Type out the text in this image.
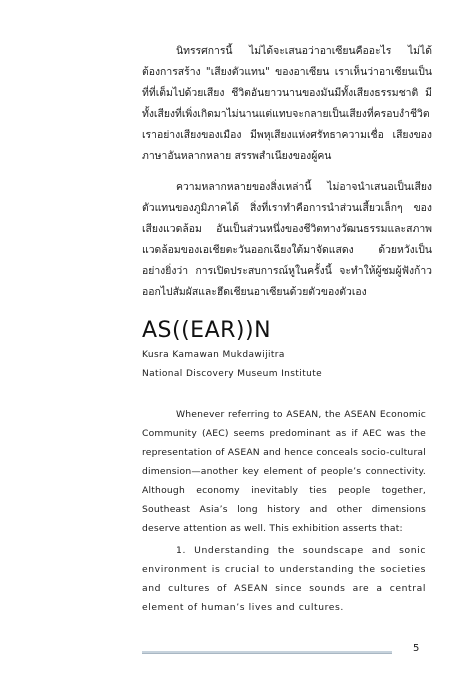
นิทรรศการนี้ ไม่ได้จะเสนอว่าอาเซียนคืออะไร ไม่ได้ต้องการสร้าง "เสียงตัวแทน" ของอาเซียน เราเห็นว่าอาเซียนเป็นที่ที่เต็มไปด้วยเสียง ชีวิตอันยาวนานของมันมีทั้งเสียงธรรมชาติ มีทั้งเสียงที่เพิ่งเกิดมาไม่นานแต่แทบจะกลายเป็นเสียงที่ครอบงำชีวิตเราอย่างเสียงของเมือง มีพหุเสียงแห่งศรัทธาความเชื่อ เสียงของภาษาอันหลากหลาย สรรพสำเนียงของผู้คน

ความหลากหลายของสิ่งเหล่านี้ ไม่อาจนำเสนอเป็นเสียงตัวแทนของภูมิภาคได้ สิ่งที่เราทำคือการนำส่วนเสี้ยวเล็กๆ ของเสียงแวดล้อม อันเป็นส่วนหนึ่งของชีวิตทางวัฒนธรรมและสภาพแวดล้อมของเอเชียตะวันออกเฉียงใต้มาจัดแสดง ด้วยหวังเป็นอย่างยิ่งว่า การเปิดประสบการณ์หูในครั้งนี้ จะทำให้ผู้ชมผู้ฟังก้าวออกไปสัมผัสและฮึดเชียนอาเซียนด้วยตัวของตัวเอง

AS((EAR))N
Kusra Kamawan Mukdawijitra
National Discovery Museum Institute

Whenever referring to ASEAN, the ASEAN Economic Community (AEC) seems predominant as if AEC was the representation of ASEAN and hence conceals socio-cultural dimension—another key element of people’s connectivity. Although economy inevitably ties people together, Southeast Asia’s long history and other dimensions deserve attention as well. This exhibition asserts that:

1. Understanding the soundscape and sonic environment is crucial to understanding the societies and cultures of ASEAN since sounds are a central element of human’s lives and cultures.

5
